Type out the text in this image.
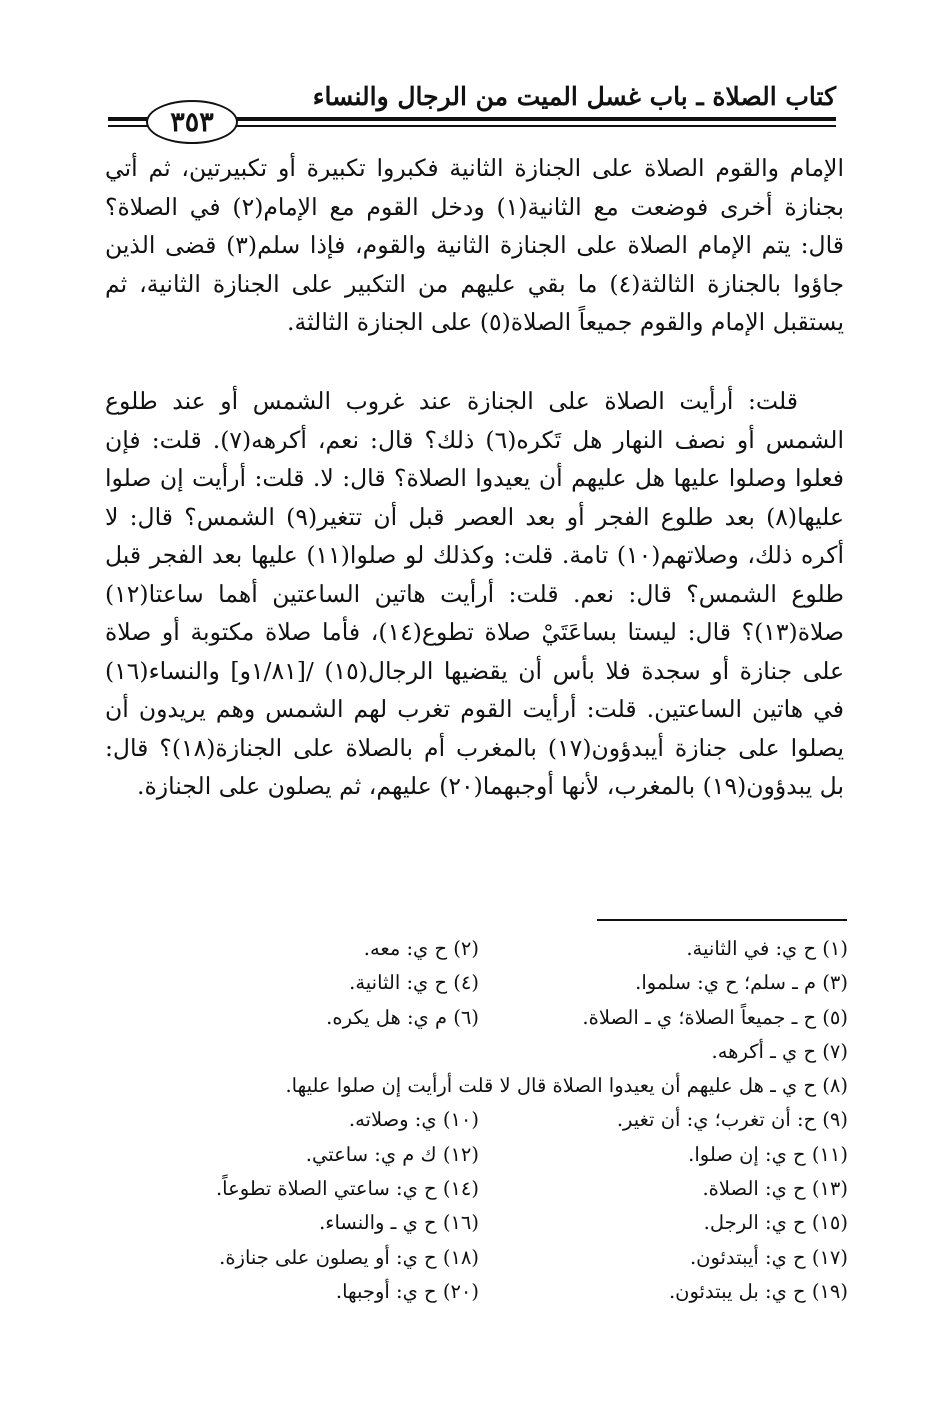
كتاب الصلاة ـ باب غسل الميت من الرجال والنساء
٣٥٣

الإمام والقوم الصلاة على الجنازة الثانية فكبروا تكبيرة أو تكبيرتين، ثم أتي بجنازة أخرى فوضعت مع الثانية(١) ودخل القوم مع الإمام(٢) في الصلاة؟ قال: يتم الإمام الصلاة على الجنازة الثانية والقوم، فإذا سلم(٣) قضى الذين جاؤوا بالجنازة الثالثة(٤) ما بقي عليهم من التكبير على الجنازة الثانية، ثم يستقبل الإمام والقوم جميعاً الصلاة(٥) على الجنازة الثالثة.

قلت: أرأيت الصلاة على الجنازة عند غروب الشمس أو عند طلوع الشمس أو نصف النهار هل تَكره(٦) ذلك؟ قال: نعم، أكرهه(٧). قلت: فإن فعلوا وصلوا عليها هل عليهم أن يعيدوا الصلاة؟ قال: لا. قلت: أرأيت إن صلوا عليها(٨) بعد طلوع الفجر أو بعد العصر قبل أن تتغير(٩) الشمس؟ قال: لا أكره ذلك، وصلاتهم(١٠) تامة. قلت: وكذلك لو صلوا(١١) عليها بعد الفجر قبل طلوع الشمس؟ قال: نعم. قلت: أرأيت هاتين الساعتين أهما ساعتا(١٢) صلاة(١٣)؟ قال: ليستا بساعَتَيْ صلاة تطوع(١٤)، فأما صلاة مكتوبة أو صلاة على جنازة أو سجدة فلا بأس أن يقضيها الرجال(١٥) /[١/٨١و] والنساء(١٦) في هاتين الساعتين. قلت: أرأيت القوم تغرب لهم الشمس وهم يريدون أن يصلوا على جنازة أيبدؤون(١٧) بالمغرب أم بالصلاة على الجنازة(١٨)؟ قال: بل يبدؤون(١٩) بالمغرب، لأنها أوجبهما(٢٠) عليهم، ثم يصلون على الجنازة.

(١) ح ي: في الثانية.
(٢) ح ي: معه.
(٣) م ـ سلم؛ ح ي: سلموا.
(٤) ح ي: الثانية.
(٥) ح ـ جميعاً الصلاة؛ ي ـ الصلاة.
(٦) م ي: هل يكره.
(٧) ح ي ـ أكرهه.
(٨) ح ي ـ هل عليهم أن يعيدوا الصلاة قال لا قلت أرأيت إن صلوا عليها.
(٩) ح: أن تغرب؛ ي: أن تغير.
(١٠) ي: وصلاته.
(١١) ح ي: إن صلوا.
(١٢) ك م ي: ساعتي.
(١٣) ح ي: الصلاة.
(١٤) ح ي: ساعتي الصلاة تطوعاً.
(١٥) ح ي: الرجل.
(١٦) ح ي ـ والنساء.
(١٧) ح ي: أيبتدئون.
(١٨) ح ي: أو يصلون على جنازة.
(١٩) ح ي: بل يبتدئون.
(٢٠) ح ي: أوجبها.
